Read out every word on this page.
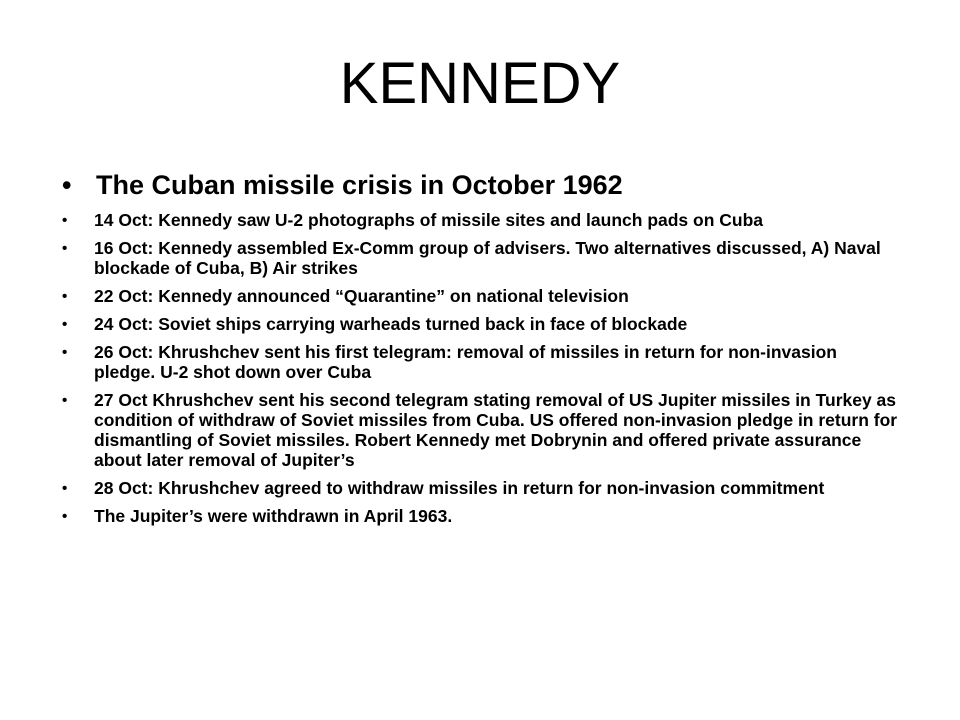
KENNEDY
• The Cuban missile crisis in October 1962
• 14 Oct: Kennedy saw U-2 photographs of missile sites and launch pads on Cuba
• 16 Oct: Kennedy assembled Ex-Comm group of advisers. Two alternatives discussed, A) Naval blockade of Cuba, B) Air strikes
• 22 Oct: Kennedy announced “Quarantine” on national television
• 24 Oct: Soviet ships carrying warheads turned back in face of blockade
• 26 Oct: Khrushchev sent his first telegram: removal of missiles in return for non-invasion pledge. U-2 shot down over Cuba
• 27 Oct Khrushchev sent his second telegram stating removal of US Jupiter missiles in Turkey as condition of withdraw of Soviet missiles from Cuba. US offered non-invasion pledge in return for dismantling of Soviet missiles. Robert Kennedy met Dobrynin and offered private assurance about later removal of Jupiter’s
• 28 Oct: Khrushchev agreed to withdraw missiles in return for non-invasion commitment
• The Jupiter’s were withdrawn in April 1963.
